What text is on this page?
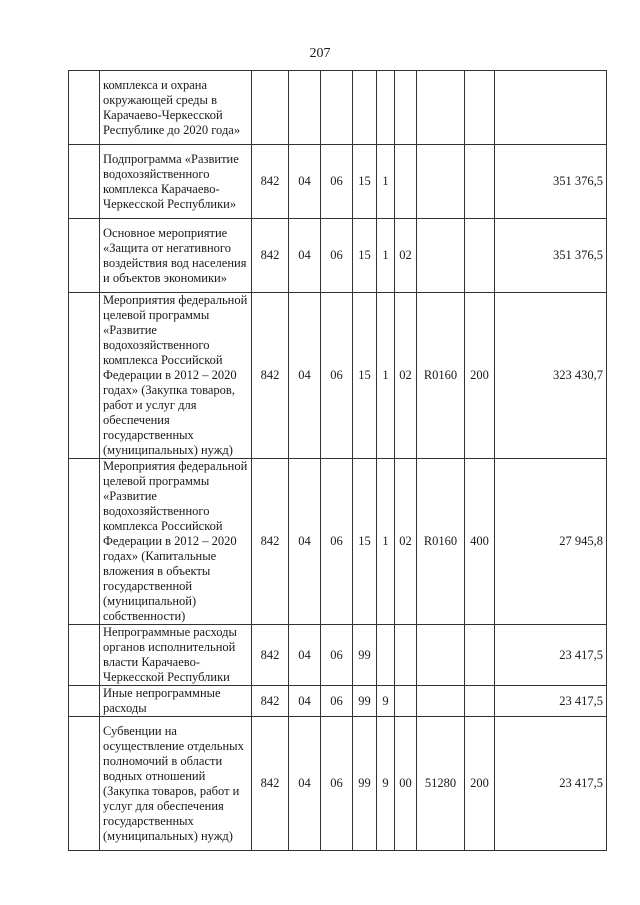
207
	комплекса и охрана окружающей среды в Карачаево-Черкесской Республике до 2020 года»									
	Подпрограмма «Развитие водохозяйственного комплекса Карачаево-Черкесской Республики»	842	04	06	15	1				351 376,5
	Основное мероприятие «Защита от негативного воздействия вод населения и объектов экономики»	842	04	06	15	1	02			351 376,5
	Мероприятия федеральной целевой программы «Развитие водохозяйственного комплекса Российской Федерации в 2012 – 2020 годах» (Закупка товаров, работ и услуг для обеспечения государственных (муниципальных) нужд)	842	04	06	15	1	02	R0160	200	323 430,7
	Мероприятия федеральной целевой программы «Развитие водохозяйственного комплекса Российской Федерации в 2012 – 2020 годах» (Капитальные вложения в объекты государственной (муниципальной) собственности)	842	04	06	15	1	02	R0160	400	27 945,8
	Непрограммные расходы органов исполнительной власти Карачаево-Черкесской Республики	842	04	06	99					23 417,5
	Иные непрограммные расходы	842	04	06	99	9				23 417,5
	Субвенции на осуществление отдельных полномочий в области водных отношений (Закупка товаров, работ и услуг для обеспечения государственных (муниципальных) нужд)	842	04	06	99	9	00	51280	200	23 417,5
